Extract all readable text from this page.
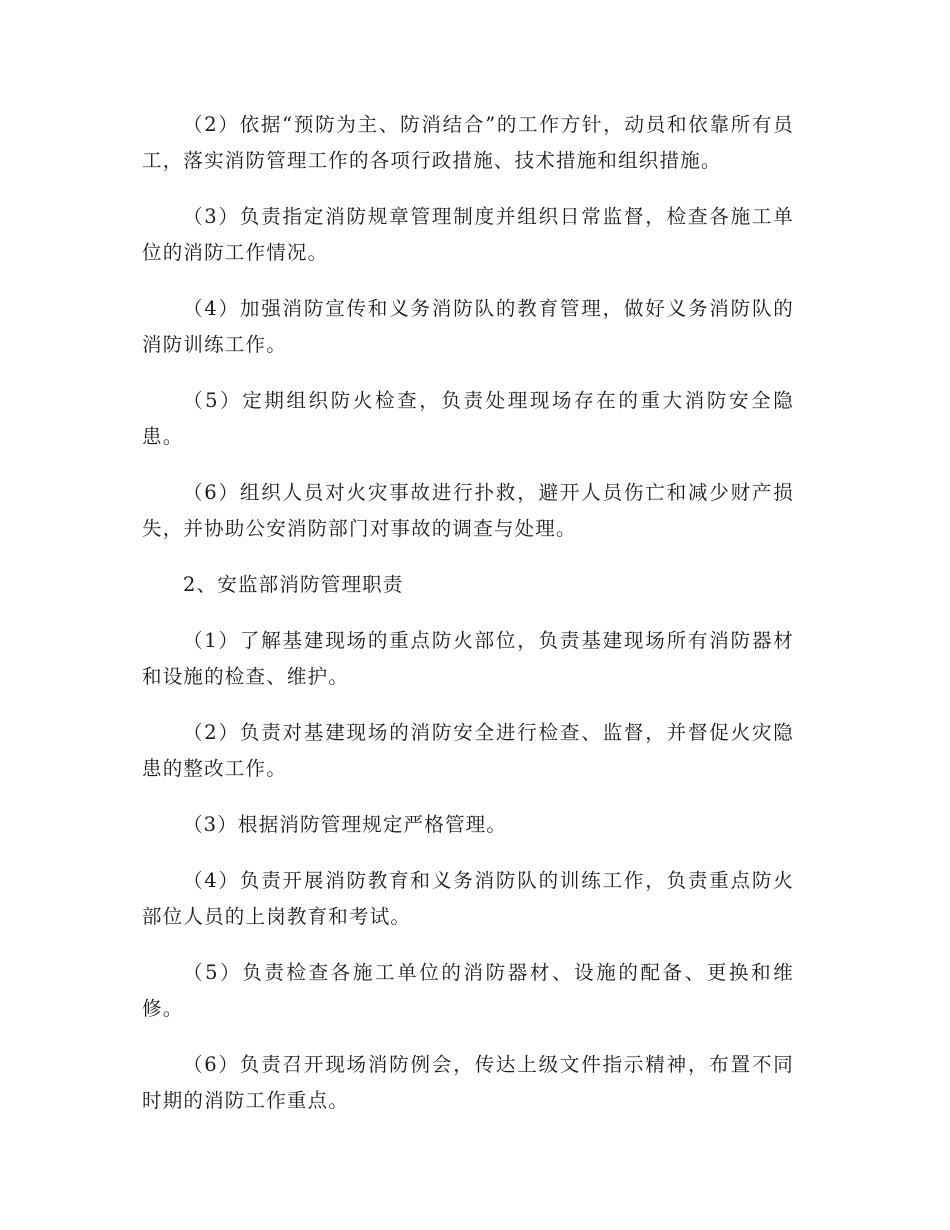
（2）依据“预防为主、防消结合”的工作方针，动员和依靠所有员工，落实消防管理工作的各项行政措施、技术措施和组织措施。

（3）负责指定消防规章管理制度并组织日常监督，检查各施工单位的消防工作情况。

（4）加强消防宣传和义务消防队的教育管理，做好义务消防队的消防训练工作。

（5）定期组织防火检查，负责处理现场存在的重大消防安全隐患。

（6）组织人员对火灾事故进行扑救，避开人员伤亡和减少财产损失，并协助公安消防部门对事故的调查与处理。

2、安监部消防管理职责

（1）了解基建现场的重点防火部位，负责基建现场所有消防器材和设施的检查、维护。

（2）负责对基建现场的消防安全进行检查、监督，并督促火灾隐患的整改工作。

（3）根据消防管理规定严格管理。

（4）负责开展消防教育和义务消防队的训练工作，负责重点防火部位人员的上岗教育和考试。

（5）负责检查各施工单位的消防器材、设施的配备、更换和维修。

（6）负责召开现场消防例会，传达上级文件指示精神，布置不同时期的消防工作重点。
